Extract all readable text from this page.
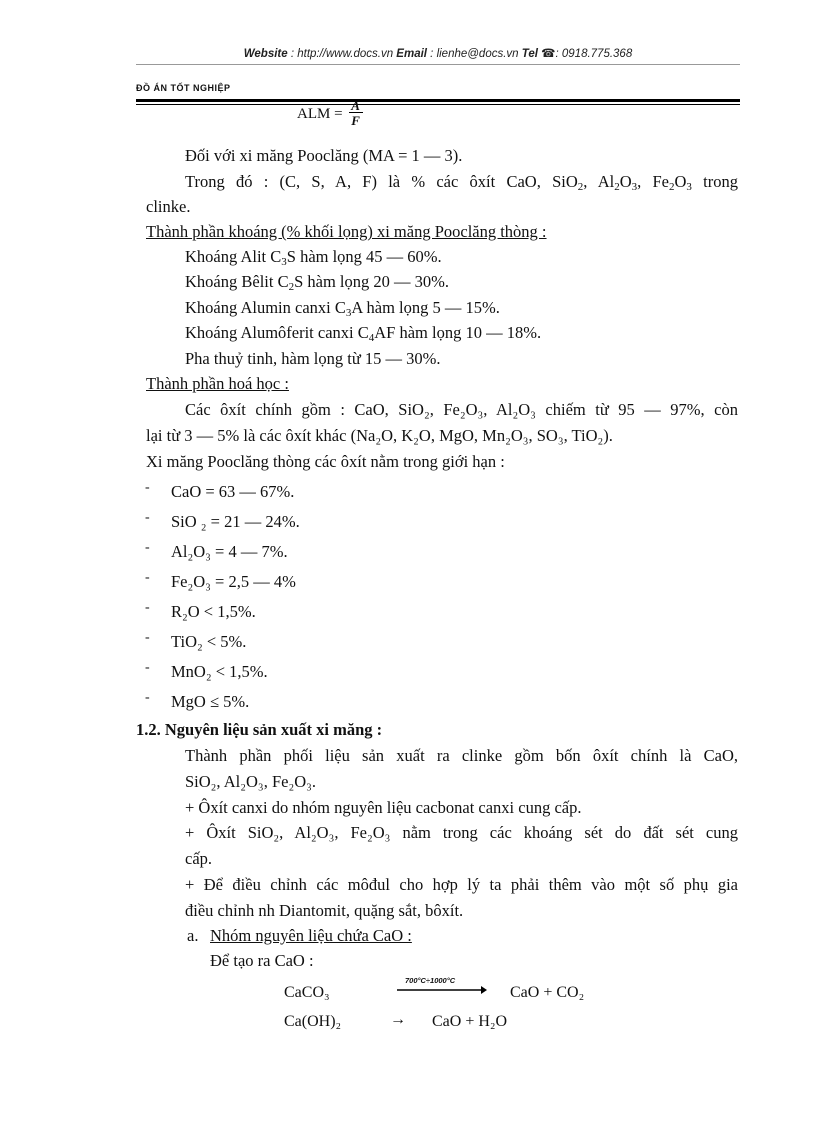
Website : http://www.docs.vn Email : lienhe@docs.vn Tel ☎: 0918.775.368
ĐỒ ÁN TỐT NGHIỆP
ALM = $\frac{A}{F}$
Đối với xi măng Pooclăng (MA = 1 — 3).
Trong đó : (C, S, A, F) là % các ôxít CaO, SiO$_2$, $Al_2O_3$, $Fe_2O_3$ trong
clinke.
Thành phần khoáng (% khối lọng) xi măng Pooclăng thòng :
Khoáng Alit $C_3S$ hàm lọng 45 — 60%.
Khoáng Bêlit $C_2S$ hàm lọng 20 — 30%.
Khoáng Alumin canxi $C_3A$ hàm lọng 5 — 15%.
Khoáng Alumôferit canxi $C_4AF$ hàm lọng 10 — 18%.
Pha thuỷ tinh, hàm lọng từ 15 — 30%.
Thành phần hoá học :
Các ôxít chính gồm : CaO, SiO₂, Fe₂O₃, Al₂O₃ chiếm từ 95 — 97%, còn
lại từ 3 — 5% là các ôxít khác (Na₂O, K₂O, MgO, Mn₂O₃, SO₃, TiO₂).
Xi măng Pooclăng thòng các ôxít nằm trong giới hạn :
- CaO = 63 — 67%.
- SiO ₂ = 21 — 24%.
- Al₂O₃ = 4 — 7%.
- Fe₂O₃ = 2,5 — 4%
- R₂O < 1,5%.
- TiO₂ < 5%.
- MnO₂ < 1,5%.
- MgO ≤ 5%.
1.2. Nguyên liệu sản xuất xi măng :
Thành phần phối liệu sản xuất ra clinke gồm bốn ôxít chính là CaO,
SiO₂, Al₂O₃, Fe₂O₃.
+ Ôxít canxi do nhóm nguyên liệu cacbonat canxi cung cấp.
+ Ôxít SiO₂, Al₂O₃, Fe₂O₃ nằm trong các khoáng sét do đất sét cung
cấp.
+ Để điều chỉnh các môđul cho hợp lý ta phải thêm vào một số phụ gia
điều chỉnh nh Diantomit, quặng sắt, bôxít.
a. Nhóm nguyên liệu chứa CaO :
Để tạo ra CaO :
CaCO₃
700°C÷1000°C
CaO + CO₂
Ca(OH)₂	→ CaO + H₂O
